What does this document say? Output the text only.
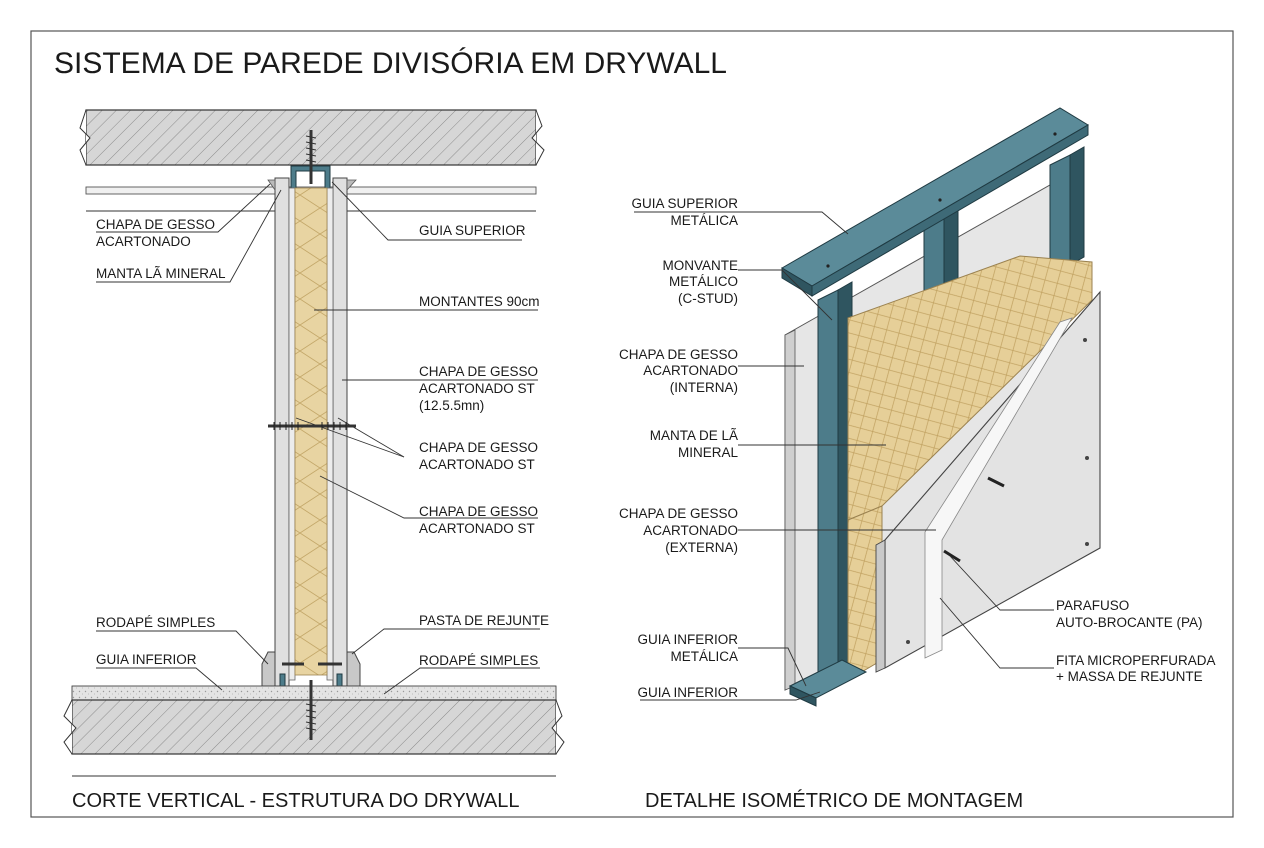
SISTEMA DE PAREDE DIVISÓRIA EM DRYWALL
CHAPA DE GESSO
ACARTONADO
MANTA LÃ MINERAL
GUIA SUPERIOR
MONTANTES 90cm
CHAPA DE GESSO
ACARTONADO ST
(12.5.5mn)
CHAPA DE GESSO
ACARTONADO ST
CHAPA DE GESSO
ACARTONADO ST
RODAPÉ SIMPLES
GUIA INFERIOR
PASTA DE REJUNTE
RODAPÉ SIMPLES
CORTE VERTICAL - ESTRUTURA DO DRYWALL
GUIA SUPERIOR
METÁLICA
MONVANTE
METÁLICO
(C-STUD)
CHAPA DE GESSO
ACARTONADO
(INTERNA)
MANTA DE LÃ
MINERAL
CHAPA DE GESSO
ACARTONADO
(EXTERNA)
GUIA INFERIOR
METÁLICA
GUIA INFERIOR
PARAFUSO
AUTO-BROCANTE (PA)
FITA MICROPERFURADA
+ MASSA DE REJUNTE
DETALHE ISOMÉTRICO DE MONTAGEM
